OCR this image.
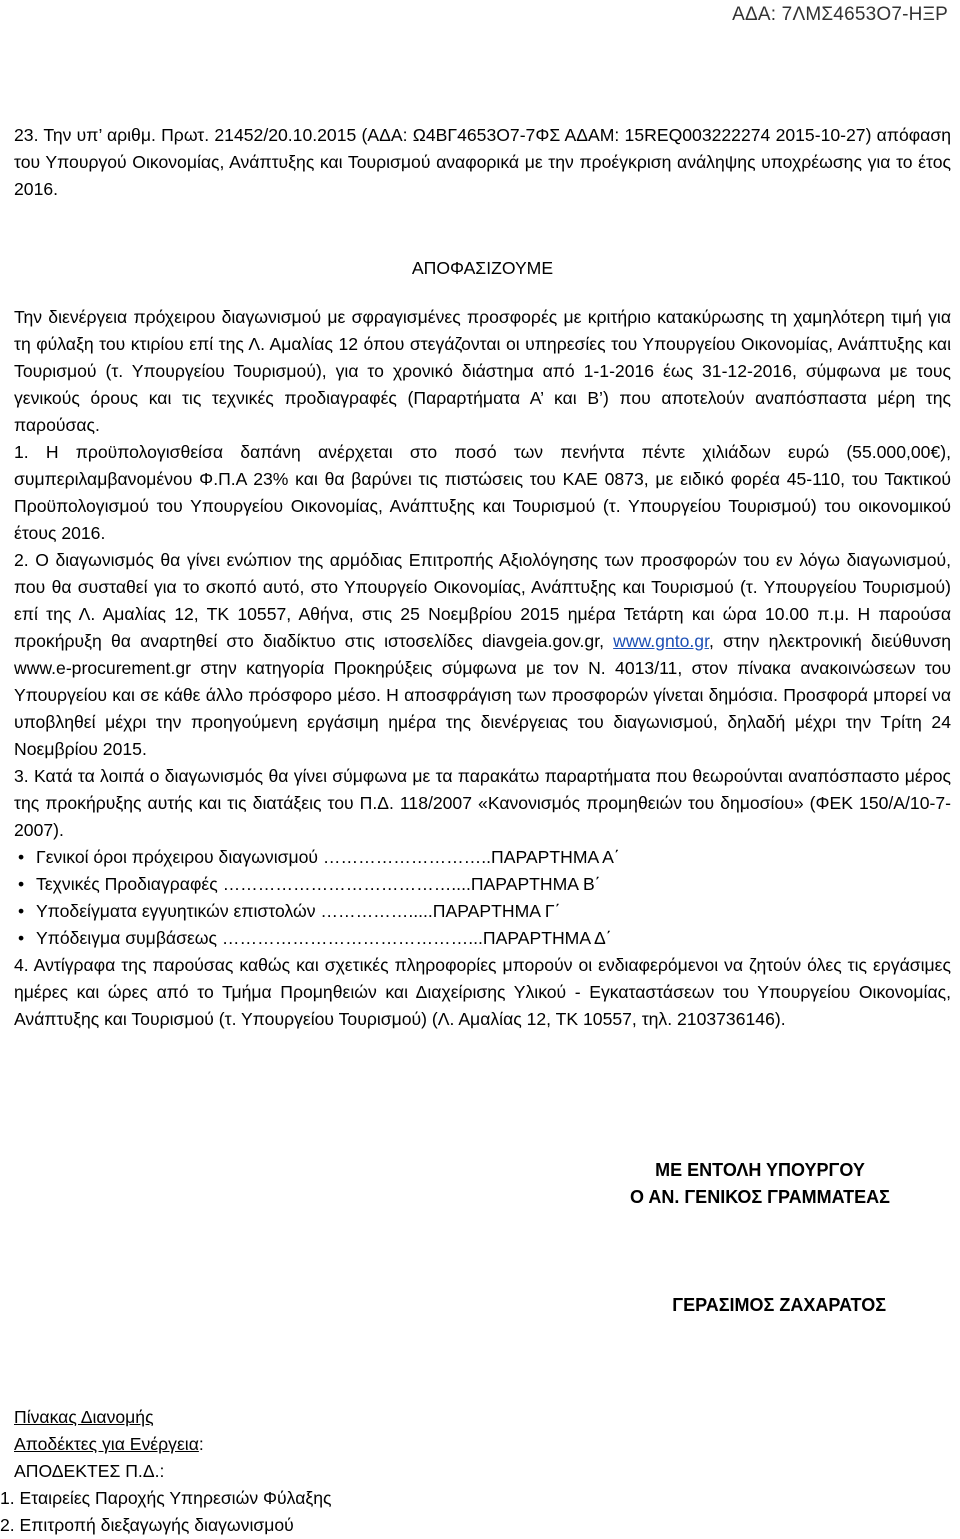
ΑΔΑ: 7ΛΜΣ4653Ο7-ΗΞΡ

23. Την υπ’ αριθμ. Πρωτ. 21452/20.10.2015 (ΑΔΑ: Ω4ΒΓ4653Ο7-7ΦΣ ΑΔΑΜ: 15REQ003222274 2015-10-27) απόφαση του Υπουργού Οικονομίας, Ανάπτυξης και Τουρισμού αναφορικά με την προέγκριση ανάληψης υποχρέωσης για το έτος 2016.

ΑΠΟΦΑΣΙΖΟΥΜΕ

Την διενέργεια πρόχειρου διαγωνισμού με σφραγισμένες προσφορές με κριτήριο κατακύρωσης τη χαμηλότερη τιμή για τη φύλαξη του κτιρίου επί της Λ. Αμαλίας 12 όπου στεγάζονται οι υπηρεσίες του Υπουργείου Οικονομίας, Ανάπτυξης και Τουρισμού (τ. Υπουργείου Τουρισμού), για το χρονικό διάστημα από 1-1-2016 έως 31-12-2016, σύμφωνα με τους γενικούς όρους και τις τεχνικές προδιαγραφές (Παραρτήματα Α’ και Β’) που αποτελούν αναπόσπαστα μέρη της παρούσας.

1. Η προϋπολογισθείσα δαπάνη ανέρχεται στο ποσό των πενήντα πέντε χιλιάδων ευρώ (55.000,00€), συμπεριλαμβανομένου Φ.Π.Α 23% και θα βαρύνει τις πιστώσεις του ΚΑΕ 0873, με ειδικό φορέα 45-110, του Τακτικού Προϋπολογισμού του Υπουργείου Οικονομίας, Ανάπτυξης και Τουρισμού (τ. Υπουργείου Τουρισμού) του οικονομικού έτους 2016.

2. Ο διαγωνισμός θα γίνει ενώπιον της αρμόδιας Επιτροπής Αξιολόγησης των προσφορών του εν λόγω διαγωνισμού, που θα συσταθεί για το σκοπό αυτό, στο Υπουργείο Οικονομίας, Ανάπτυξης και Τουρισμού (τ. Υπουργείου Τουρισμού) επί της Λ. Αμαλίας 12, ΤΚ 10557, Αθήνα, στις 25 Νοεμβρίου 2015 ημέρα Τετάρτη και ώρα 10.00 π.μ. Η παρούσα προκήρυξη θα αναρτηθεί στο διαδίκτυο στις ιστοσελίδες diavgeia.gov.gr, www.gnto.gr, στην ηλεκτρονική διεύθυνση www.e-procurement.gr στην κατηγορία Προκηρύξεις σύμφωνα με τον Ν. 4013/11, στον πίνακα ανακοινώσεων του Υπουργείου και σε κάθε άλλο πρόσφορο μέσο. Η αποσφράγιση των προσφορών γίνεται δημόσια. Προσφορά μπορεί να υποβληθεί μέχρι την προηγούμενη εργάσιμη ημέρα της διενέργειας του διαγωνισμού, δηλαδή μέχρι την Τρίτη 24 Νοεμβρίου 2015.

3. Κατά τα λοιπά ο διαγωνισμός θα γίνει σύμφωνα με τα παρακάτω παραρτήματα που θεωρούνται αναπόσπαστο μέρος της προκήρυξης αυτής και τις διατάξεις του Π.Δ. 118/2007 «Κανονισμός προμηθειών του δημοσίου» (ΦΕΚ 150/Α/10-7-2007).

• Γενικοί όροι πρόχειρου διαγωνισμού ………………………..ΠΑΡΑΡΤΗΜΑ Α΄
• Τεχνικές Προδιαγραφές …………………………………....ΠΑΡΑΡΤΗΜΑ Β΄
• Υποδείγματα εγγυητικών επιστολών …………….....ΠΑΡΑΡΤΗΜΑ Γ΄
• Υπόδειγμα συμβάσεως ……………………………………...ΠΑΡΑΡΤΗΜΑ Δ΄

4. Αντίγραφα της παρούσας καθώς και σχετικές πληροφορίες μπορούν οι ενδιαφερόμενοι να ζητούν όλες τις εργάσιμες ημέρες και ώρες από το Τμήμα Προμηθειών και Διαχείρισης Υλικού - Εγκαταστάσεων του Υπουργείου Οικονομίας, Ανάπτυξης και Τουρισμού (τ. Υπουργείου Τουρισμού) (Λ. Αμαλίας 12, ΤΚ 10557, τηλ. 2103736146).

ΜΕ ΕΝΤΟΛΗ ΥΠΟΥΡΓΟΥ
Ο ΑΝ. ΓΕΝΙΚΟΣ ΓΡΑΜΜΑΤΕΑΣ
ΓΕΡΑΣΙΜΟΣ ΖΑΧΑΡΑΤΟΣ
Πίνακας Διανομής
Αποδέκτες για Ενέργεια:
ΑΠΟΔΕΚΤΕΣ Π.Δ.:
1. Εταιρείες Παροχής Υπηρεσιών Φύλαξης
2. Επιτροπή διεξαγωγής διαγωνισμού
